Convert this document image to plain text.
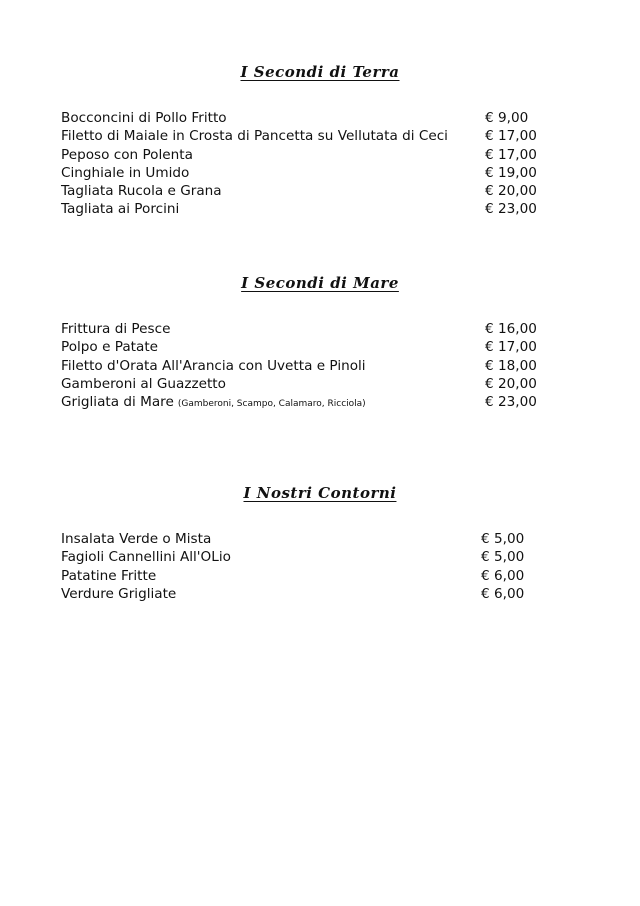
I Secondi di Terra
Bocconcini di Pollo Fritto	€ 9,00
Filetto di Maiale in Crosta di Pancetta su Vellutata di Ceci	€ 17,00
Peposo con Polenta	€ 17,00
Cinghiale in Umido	€ 19,00
Tagliata Rucola e Grana	€ 20,00
Tagliata ai Porcini	€ 23,00
I Secondi di Mare
Frittura di Pesce	€ 16,00
Polpo e Patate	€ 17,00
Filetto d'Orata All'Arancia con Uvetta e Pinoli	€ 18,00
Gamberoni al Guazzetto	€ 20,00
Grigliata di Mare (Gamberoni, Scampo, Calamaro, Ricciola)	€ 23,00
I Nostri Contorni
Insalata Verde o Mista	€ 5,00
Fagioli Cannellini All'OLio	€ 5,00
Patatine Fritte	€ 6,00
Verdure Grigliate	€ 6,00
